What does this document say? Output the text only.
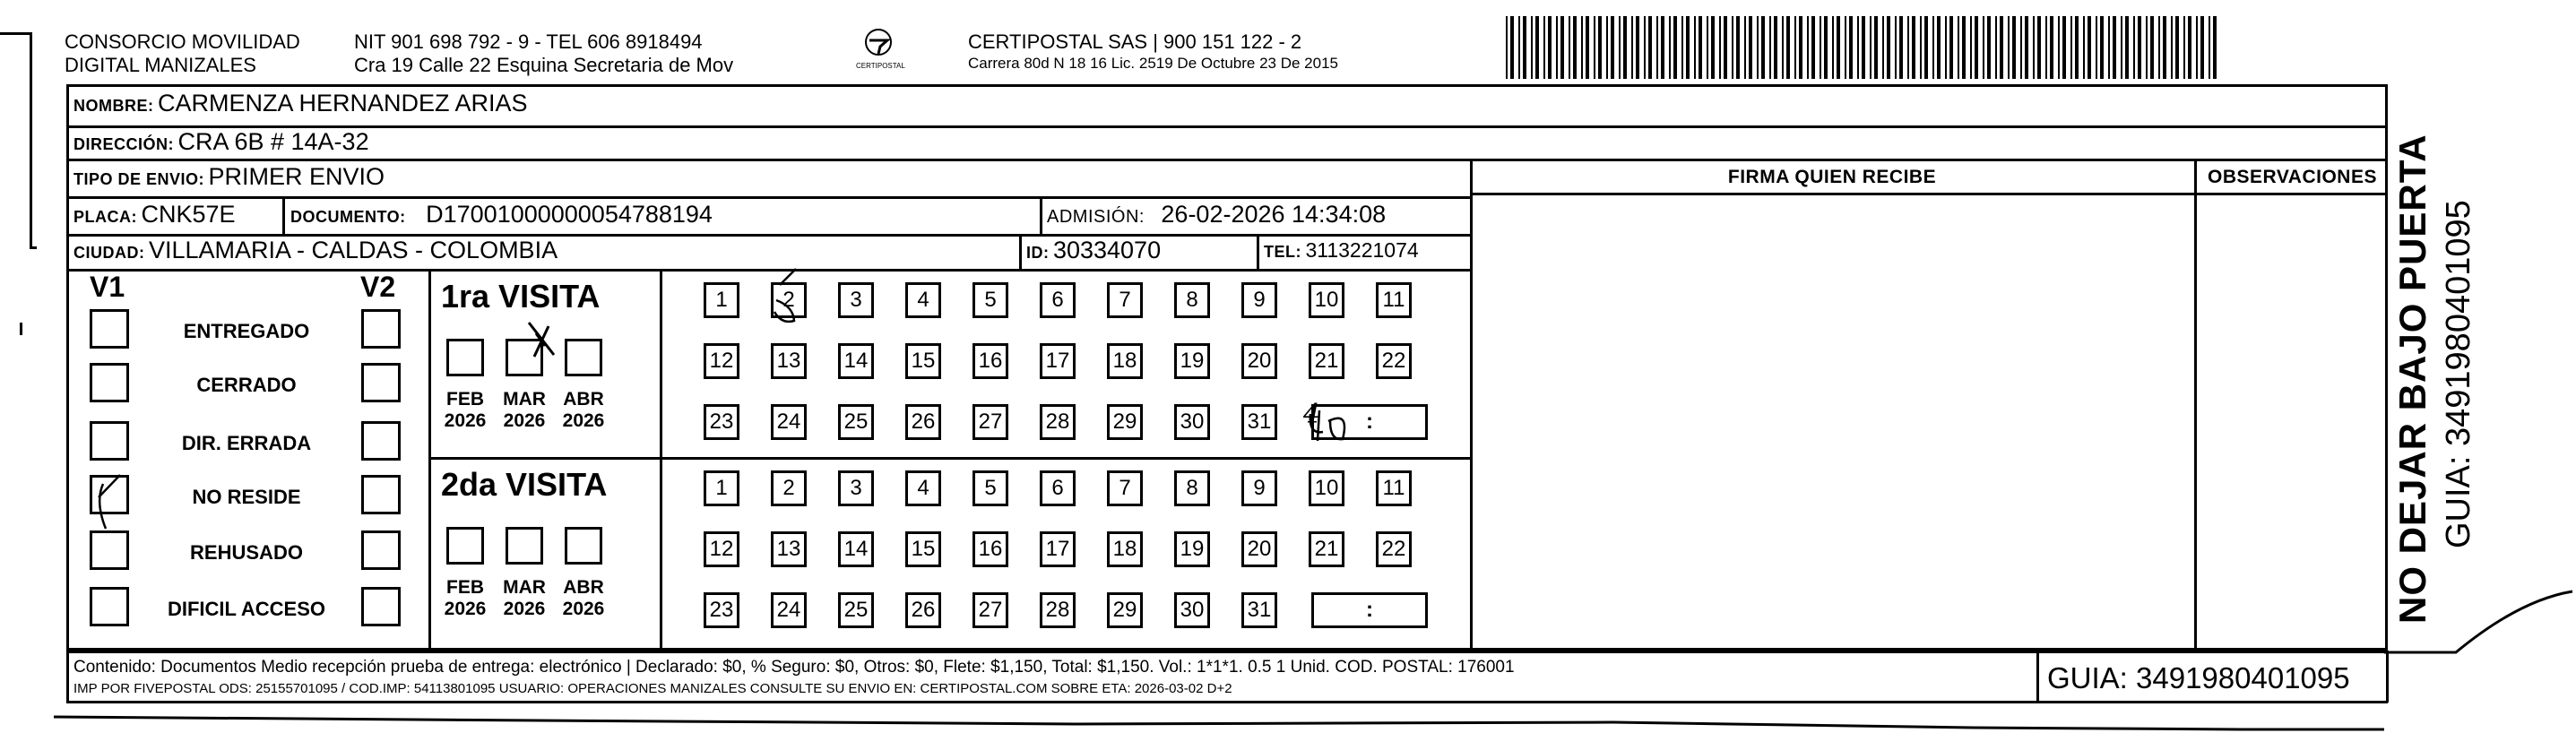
CONSORCIO MOVILIDAD
DIGITAL MANIZALES
NIT 901 698 792 - 9 - TEL 606 8918494
Cra 19 Calle 22 Esquina Secretaria de Mov	CERTIPOSTAL
CERTIPOSTAL SAS | 900 151 122 - 2
Carrera 80d N 18 16 Lic. 2519 De Octubre 23 De 2015
NOMBRE: CARMENZA HERNANDEZ ARIAS
DIRECCIÓN: CRA 6B # 14A-32
TIPO DE ENVIO: PRIMER ENVIO	FIRMA QUIEN RECIBE	OBSERVACIONES
PLACA: CNK57E	DOCUMENTO: D17001000000054788194	ADMISIÓN: 26-02-2026 14:34:08
CIUDAD: VILLAMARIA - CALDAS - COLOMBIA	ID: 30334070	TEL: 3113221074
V1	V2
ENTREGADO
CERRADO
DIR. ERRADA
NO RESIDE
REHUSADO
DIFICIL ACCESO
1ra VISITA
FEB
2026
MAR
2026
ABR
2026
1	2	3	4	5	6	7	8	9	10	11
12 13 14 15 16 17 18 19 20 21 22
23 24 25 26 27 28 29 30 31	:
4
2da VISITA
FEB
2026
MAR
2026
ABR
2026
1	2	3	4	5	6	7	8	9	10	11
12 13 14 15 16 17 18 19 20 21 22
23 24 25 26 27 28 29 30 31	:	NO DEJAR BAJO PUERTA GUIA: 3491980401095
Contenido: Documentos Medio recepción prueba de entrega: electrónico | Declarado: $0, % Seguro: $0, Otros: $0, Flete: $1,150, Total: $1,150. Vol.: 1*1*1. 0.5 1 Unid. COD. POSTAL: 176001
IMP POR FIVEPOSTAL ODS: 25155701095 / COD.IMP: 54113801095 USUARIO: OPERACIONES MANIZALES CONSULTE SU ENVIO EN: CERTIPOSTAL.COM SOBRE ETA: 2026-03-02 D+2	GUIA: 3491980401095
